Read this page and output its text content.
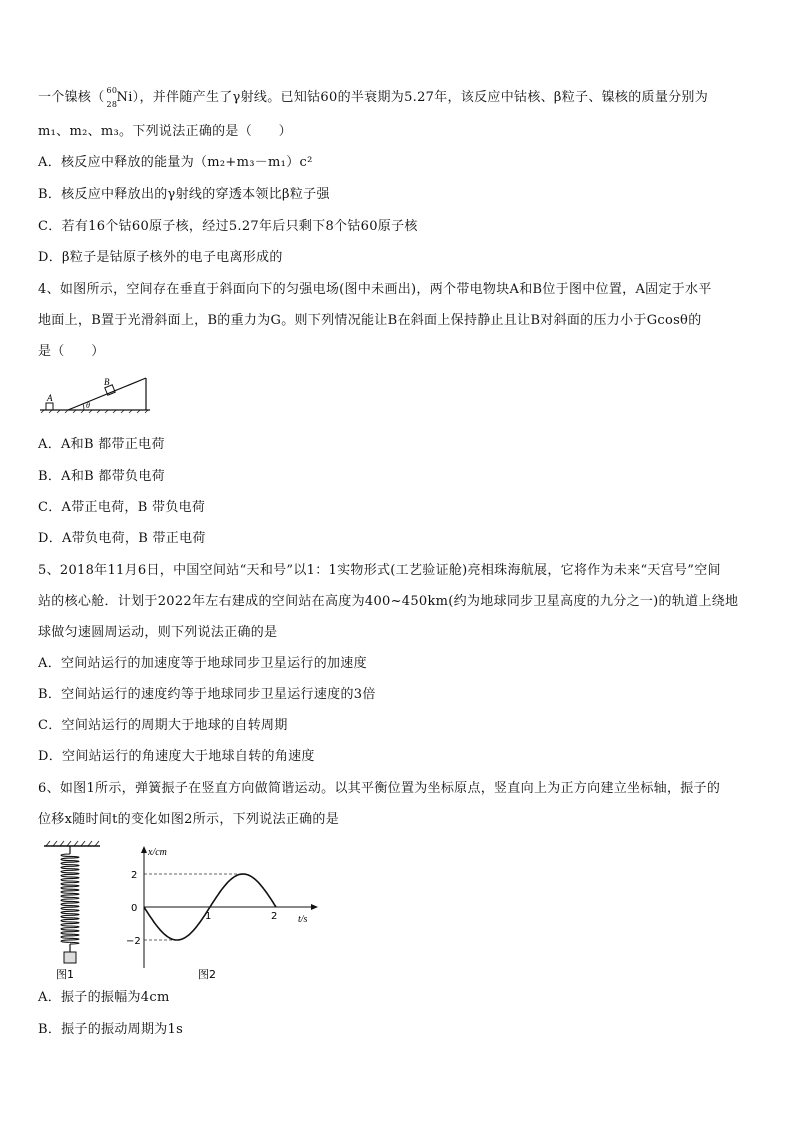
一个镍核（ 60
28 Ni），并伴随产生了γ射线。已知钴60的半衰期为5.27年，该反应中钴核、β粒子、镍核的质量分别为
m₁、m₂、m₃。下列说法正确的是（　　）
A．核反应中释放的能量为（m₂+m₃－m₁）c²
B．核反应中释放出的γ射线的穿透本领比β粒子强
C．若有16个钴60原子核，经过5.27年后只剩下8个钴60原子核
D．β粒子是钴原子核外的电子电离形成的
4、如图所示，空间存在垂直于斜面向下的匀强电场(图中未画出)，两个带电物块A和B位于图中位置，A固定于水平
地面上，B置于光滑斜面上，B的重力为G。则下列情况能让B在斜面上保持静止且让B对斜面的压力小于Gcosθ的
是（　　）
A
B
θ
A．A和B 都带正电荷
B．A和B 都带负电荷
C．A带正电荷，B 带负电荷
D．A带负电荷，B 带正电荷
5、2018年11月6日，中国空间站“天和号”以1：1实物形式(工艺验证舱)亮相珠海航展，它将作为未来“天宫号”空间
站的核心舱．计划于2022年左右建成的空间站在高度为400~450km(约为地球同步卫星高度的九分之一)的轨道上绕地
球做匀速圆周运动，则下列说法正确的是
A．空间站运行的加速度等于地球同步卫星运行的加速度
B．空间站运行的速度约等于地球同步卫星运行速度的3倍
C．空间站运行的周期大于地球的自转周期
D．空间站运行的角速度大于地球自转的角速度
6、如图1所示，弹簧振子在竖直方向做简谐运动。以其平衡位置为坐标原点，竖直向上为正方向建立坐标轴，振子的
位移x随时间t的变化如图2所示，下列说法正确的是
图1
x/cm
t/s
2
0
−2
1	2
图2
A．振子的振幅为4cm
B．振子的振动周期为1s
